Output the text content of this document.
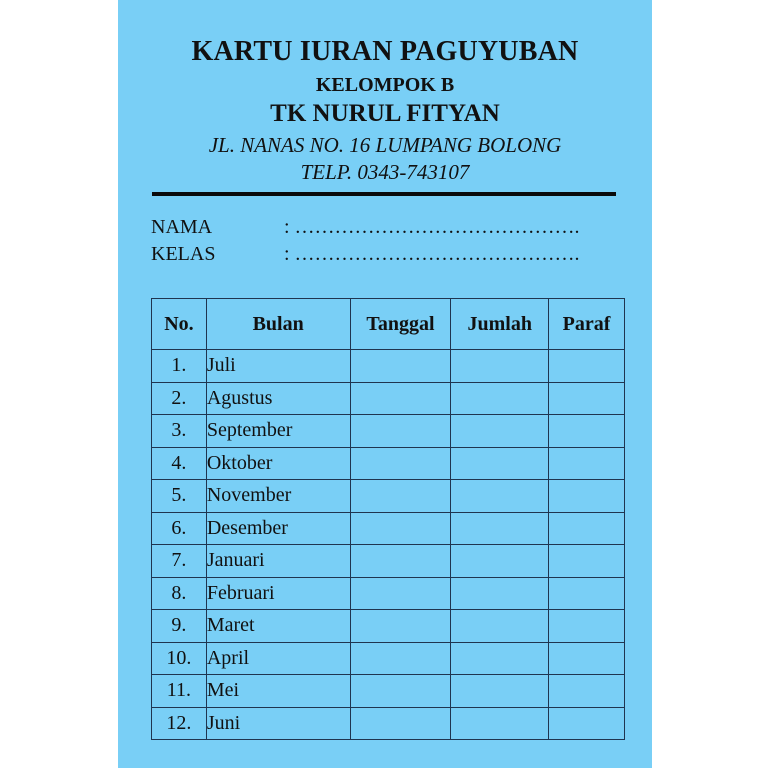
KARTU IURAN PAGUYUBAN
KELOMPOK B
TK NURUL FITYAN
JL. NANAS NO. 16 LUMPANG BOLONG
TELP. 0343-743107
NAMA	: …………………………………….
KELAS	: …………………………………….
No.	Bulan	Tanggal	Jumlah	Paraf
1.	Juli			
2.	Agustus			
3.	September			
4.	Oktober			
5.	November			
6.	Desember			
7.	Januari			
8.	Februari			
9.	Maret			
10.	April			
11.	Mei			
12.	Juni			
